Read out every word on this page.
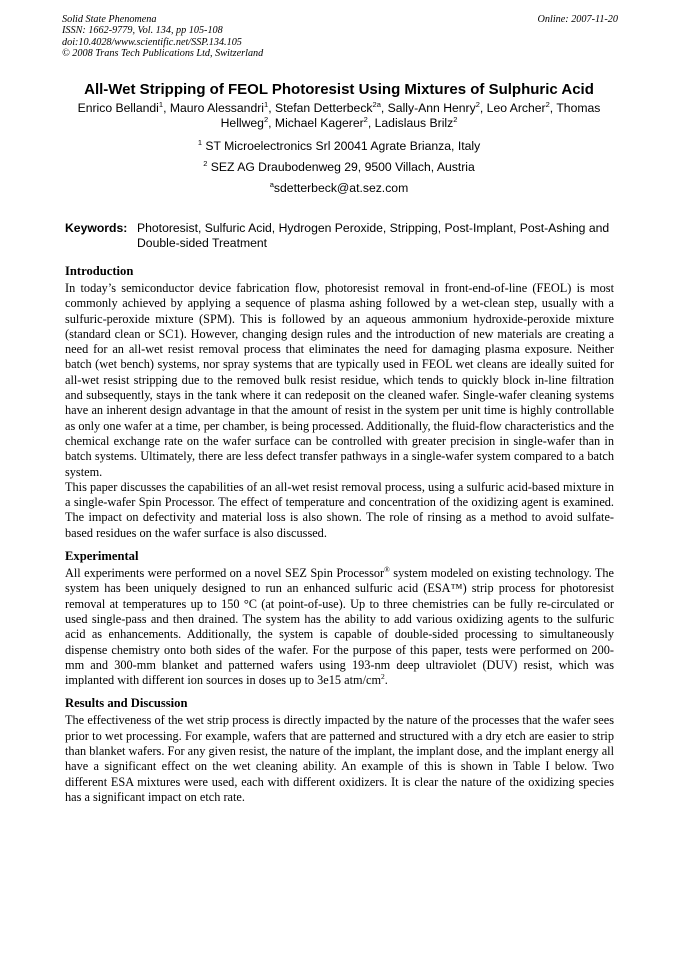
Solid State Phenomena
ISSN: 1662-9779, Vol. 134, pp 105-108
doi:10.4028/www.scientific.net/SSP.134.105
© 2008 Trans Tech Publications Ltd, Switzerland
Online: 2007-11-20
All-Wet Stripping of FEOL Photoresist Using Mixtures of Sulphuric Acid
Enrico Bellandi$^1$, Mauro Alessandri$^1$, Stefan Detterbeck$^{2a}$, Sally-Ann Henry$^2$, Leo Archer$^2$, Thomas Hellweg$^2$, Michael Kagerer$^2$, Ladislaus Brilz$^2$
$^1$ ST Microelectronics Srl 20041 Agrate Brianza, Italy
$^2$ SEZ AG Draubodenweg 29, 9500 Villach, Austria
$^a$sdetterbeck@at.sez.com
Keywords: Photoresist, Sulfuric Acid, Hydrogen Peroxide, Stripping, Post-Implant, Post-Ashing and Double-sided Treatment
Introduction

In today’s semiconductor device fabrication flow, photoresist removal in front-end-of-line (FEOL) is most commonly achieved by applying a sequence of plasma ashing followed by a wet-clean step, usually with a sulfuric-peroxide mixture (SPM). This is followed by an aqueous ammonium hydroxide-peroxide mixture (standard clean or SC1). However, changing design rules and the introduction of new materials are creating a need for an all-wet resist removal process that eliminates the need for damaging plasma exposure. Neither batch (wet bench) systems, nor spray systems that are typically used in FEOL wet cleans are ideally suited for all-wet resist stripping due to the removed bulk resist residue, which tends to quickly block in-line filtration and subsequently, stays in the tank where it can redeposit on the cleaned wafer. Single-wafer cleaning systems have an inherent design advantage in that the amount of resist in the system per unit time is highly controllable as only one wafer at a time, per chamber, is being processed. Additionally, the fluid-flow characteristics and the chemical exchange rate on the wafer surface can be controlled with greater precision in single-wafer than in batch systems. Ultimately, there are less defect transfer pathways in a single-wafer system compared to a batch system.

This paper discusses the capabilities of an all-wet resist removal process, using a sulfuric acid-based mixture in a single-wafer Spin Processor. The effect of temperature and concentration of the oxidizing agent is examined. The impact on defectivity and material loss is also shown. The role of rinsing as a method to avoid sulfate-based residues on the wafer surface is also discussed.

Experimental

All experiments were performed on a novel SEZ Spin Processor® system modeled on existing technology. The system has been uniquely designed to run an enhanced sulfuric acid (ESA™) strip process for photoresist removal at temperatures up to 150 °C (at point-of-use). Up to three chemistries can be fully re-circulated or used single-pass and then drained. The system has the ability to add various oxidizing agents to the sulfuric acid as enhancements. Additionally, the system is capable of double-sided processing to simultaneously dispense chemistry onto both sides of the wafer. For the purpose of this paper, tests were performed on 200-mm and 300-mm blanket and patterned wafers using 193-nm deep ultraviolet (DUV) resist, which was implanted with different ion sources in doses up to 3e15 atm/$cm^2$.

Results and Discussion

The effectiveness of the wet strip process is directly impacted by the nature of the processes that the wafer sees prior to wet processing. For example, wafers that are patterned and structured with a dry etch are easier to strip than blanket wafers. For any given resist, the nature of the implant, the implant dose, and the implant energy all have a significant effect on the wet cleaning ability. An example of this is shown in Table I below. Two different ESA mixtures were used, each with different oxidizers. It is clear the nature of the oxidizing species has a significant impact on etch rate.
